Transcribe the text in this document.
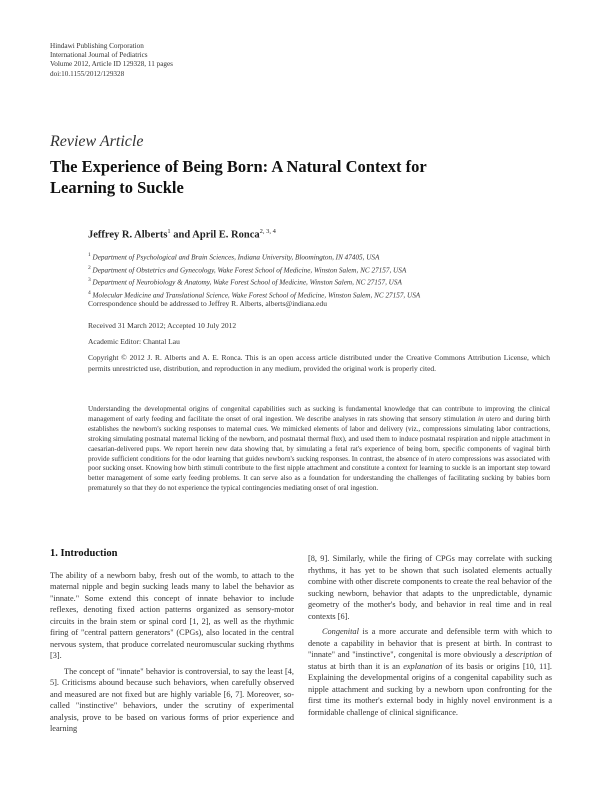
Hindawi Publishing Corporation
International Journal of Pediatrics
Volume 2012, Article ID 129328, 11 pages
doi:10.1155/2012/129328
Review Article
The Experience of Being Born: A Natural Context for Learning to Suckle
Jeffrey R. Alberts$^1$ and April E. Ronca$^{2, 3, 4}$
$^1$ Department of Psychological and Brain Sciences, Indiana University, Bloomington, IN 47405, USA
$^2$ Department of Obstetrics and Gynecology, Wake Forest School of Medicine, Winston Salem, NC 27157, USA
$^3$ Department of Neurobiology & Anatomy, Wake Forest School of Medicine, Winston Salem, NC 27157, USA
$^4$ Molecular Medicine and Translational Science, Wake Forest School of Medicine, Winston Salem, NC 27157, USA
Correspondence should be addressed to Jeffrey R. Alberts, alberts@indiana.edu
Received 31 March 2012; Accepted 10 July 2012
Academic Editor: Chantal Lau
Copyright © 2012 J. R. Alberts and A. E. Ronca. This is an open access article distributed under the Creative Commons Attribution License, which permits unrestricted use, distribution, and reproduction in any medium, provided the original work is properly cited.
Understanding the developmental origins of congenital capabilities such as sucking is fundamental knowledge that can contribute to improving the clinical management of early feeding and facilitate the onset of oral ingestion. We describe analyses in rats showing that sensory stimulation in utero and during birth establishes the newborn's sucking responses to maternal cues. We mimicked elements of labor and delivery (viz., compressions simulating labor contractions, stroking simulating postnatal maternal licking of the newborn, and postnatal thermal flux), and used them to induce postnatal respiration and nipple attachment in caesarian-delivered pups. We report herein new data showing that, by simulating a fetal rat's experience of being born, specific components of vaginal birth provide sufficient conditions for the odor learning that guides newborn's sucking responses. In contrast, the absence of in utero compressions was associated with poor sucking onset. Knowing how birth stimuli contribute to the first nipple attachment and constitute a context for learning to suckle is an important step toward better management of some early feeding problems. It can serve also as a foundation for understanding the challenges of facilitating sucking by babies born prematurely so that they do not experience the typical contingencies mediating onset of oral ingestion.
1. Introduction

The ability of a newborn baby, fresh out of the womb, to attach to the maternal nipple and begin sucking leads many to label the behavior as "innate." Some extend this concept of innate behavior to include reflexes, denoting fixed action patterns organized as sensory-motor circuits in the brain stem or spinal cord [1, 2], as well as the rhythmic firing of "central pattern generators" (CPGs), also located in the central nervous system, that produce correlated neuromuscular sucking rhythms [3].

The concept of "innate" behavior is controversial, to say the least [4, 5]. Criticisms abound because such behaviors, when carefully observed and measured are not fixed but are highly variable [6, 7]. Moreover, so-called "instinctive" behaviors, under the scrutiny of experimental analysis, prove to be based on various forms of prior experience and learning

[8, 9]. Similarly, while the firing of CPGs may correlate with sucking rhythms, it has yet to be shown that such isolated elements actually combine with other discrete components to create the real behavior of the sucking newborn, behavior that adapts to the unpredictable, dynamic geometry of the mother's body, and behavior in real time and in real contexts [6].

Congenital is a more accurate and defensible term with which to denote a capability in behavior that is present at birth. In contrast to "innate" and "instinctive", congenital is more obviously a description of status at birth than it is an explanation of its basis or origins [10, 11]. Explaining the developmental origins of a congenital capability such as nipple attachment and sucking by a newborn upon confronting for the first time its mother's external body in highly novel environment is a formidable challenge of clinical significance.
